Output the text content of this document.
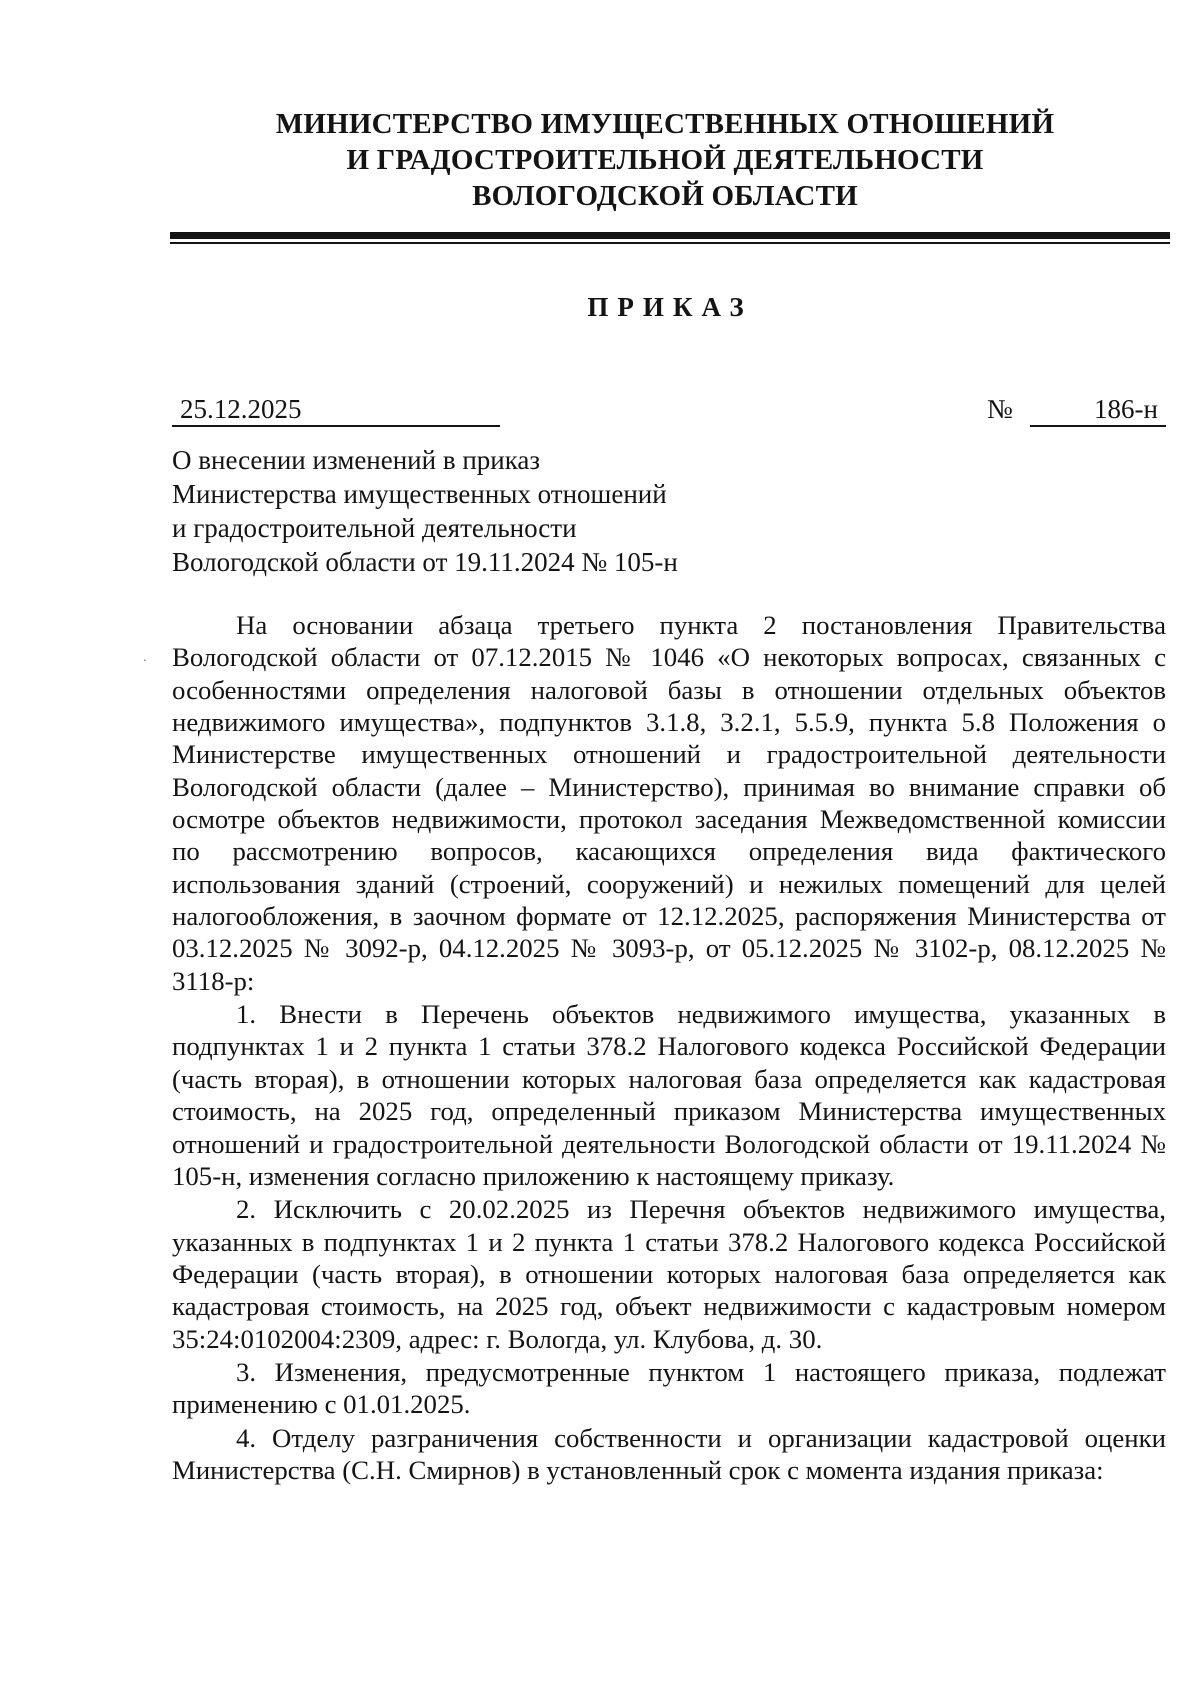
МИНИСТЕРСТВО ИМУЩЕСТВЕННЫХ ОТНОШЕНИЙ
И ГРАДОСТРОИТЕЛЬНОЙ ДЕЯТЕЛЬНОСТИ
ВОЛОГОДСКОЙ ОБЛАСТИ
ПРИКАЗ
25.12.2025	№	186-н
О внесении изменений в приказ
Министерства имущественных отношений
и градостроительной деятельности
Вологодской области от 19.11.2024 № 105-н

На основании абзаца третьего пункта 2 постановления Правительства Вологодской области от 07.12.2015 № 1046 «О некоторых вопросах, связанных с особенностями определения налоговой базы в отношении отдельных объектов недвижимого имущества», подпунктов 3.1.8, 3.2.1, 5.5.9, пункта 5.8 Положения о Министерстве имущественных отношений и градостроительной деятельности Вологодской области (далее – Министерство), принимая во внимание справки об осмотре объектов недвижимости, протокол заседания Межведомственной комиссии по рассмотрению вопросов, касающихся определения вида фактического использования зданий (строений, сооружений) и нежилых помещений для целей налогообложения, в заочном формате от 12.12.2025, распоряжения Министерства от 03.12.2025 № 3092-р, 04.12.2025 № 3093-р, от 05.12.2025 № 3102-р, 08.12.2025 № 3118-р:

1. Внести в Перечень объектов недвижимого имущества, указанных в подпунктах 1 и 2 пункта 1 статьи 378.2 Налогового кодекса Российской Федерации (часть вторая), в отношении которых налоговая база определяется как кадастровая стоимость, на 2025 год, определенный приказом Министерства имущественных отношений и градостроительной деятельности Вологодской области от 19.11.2024 № 105-н, изменения согласно приложению к настоящему приказу.

2. Исключить с 20.02.2025 из Перечня объектов недвижимого имущества, указанных в подпунктах 1 и 2 пункта 1 статьи 378.2 Налогового кодекса Российской Федерации (часть вторая), в отношении которых налоговая база определяется как кадастровая стоимость, на 2025 год, объект недвижимости с кадастровым номером 35:24:0102004:2309, адрес: г. Вологда, ул. Клубова, д. 30.

3. Изменения, предусмотренные пунктом 1 настоящего приказа, подлежат применению с 01.01.2025.

4. Отделу разграничения собственности и организации кадастровой оценки Министерства (С.Н. Смирнов) в установленный срок с момента издания приказа:

.
